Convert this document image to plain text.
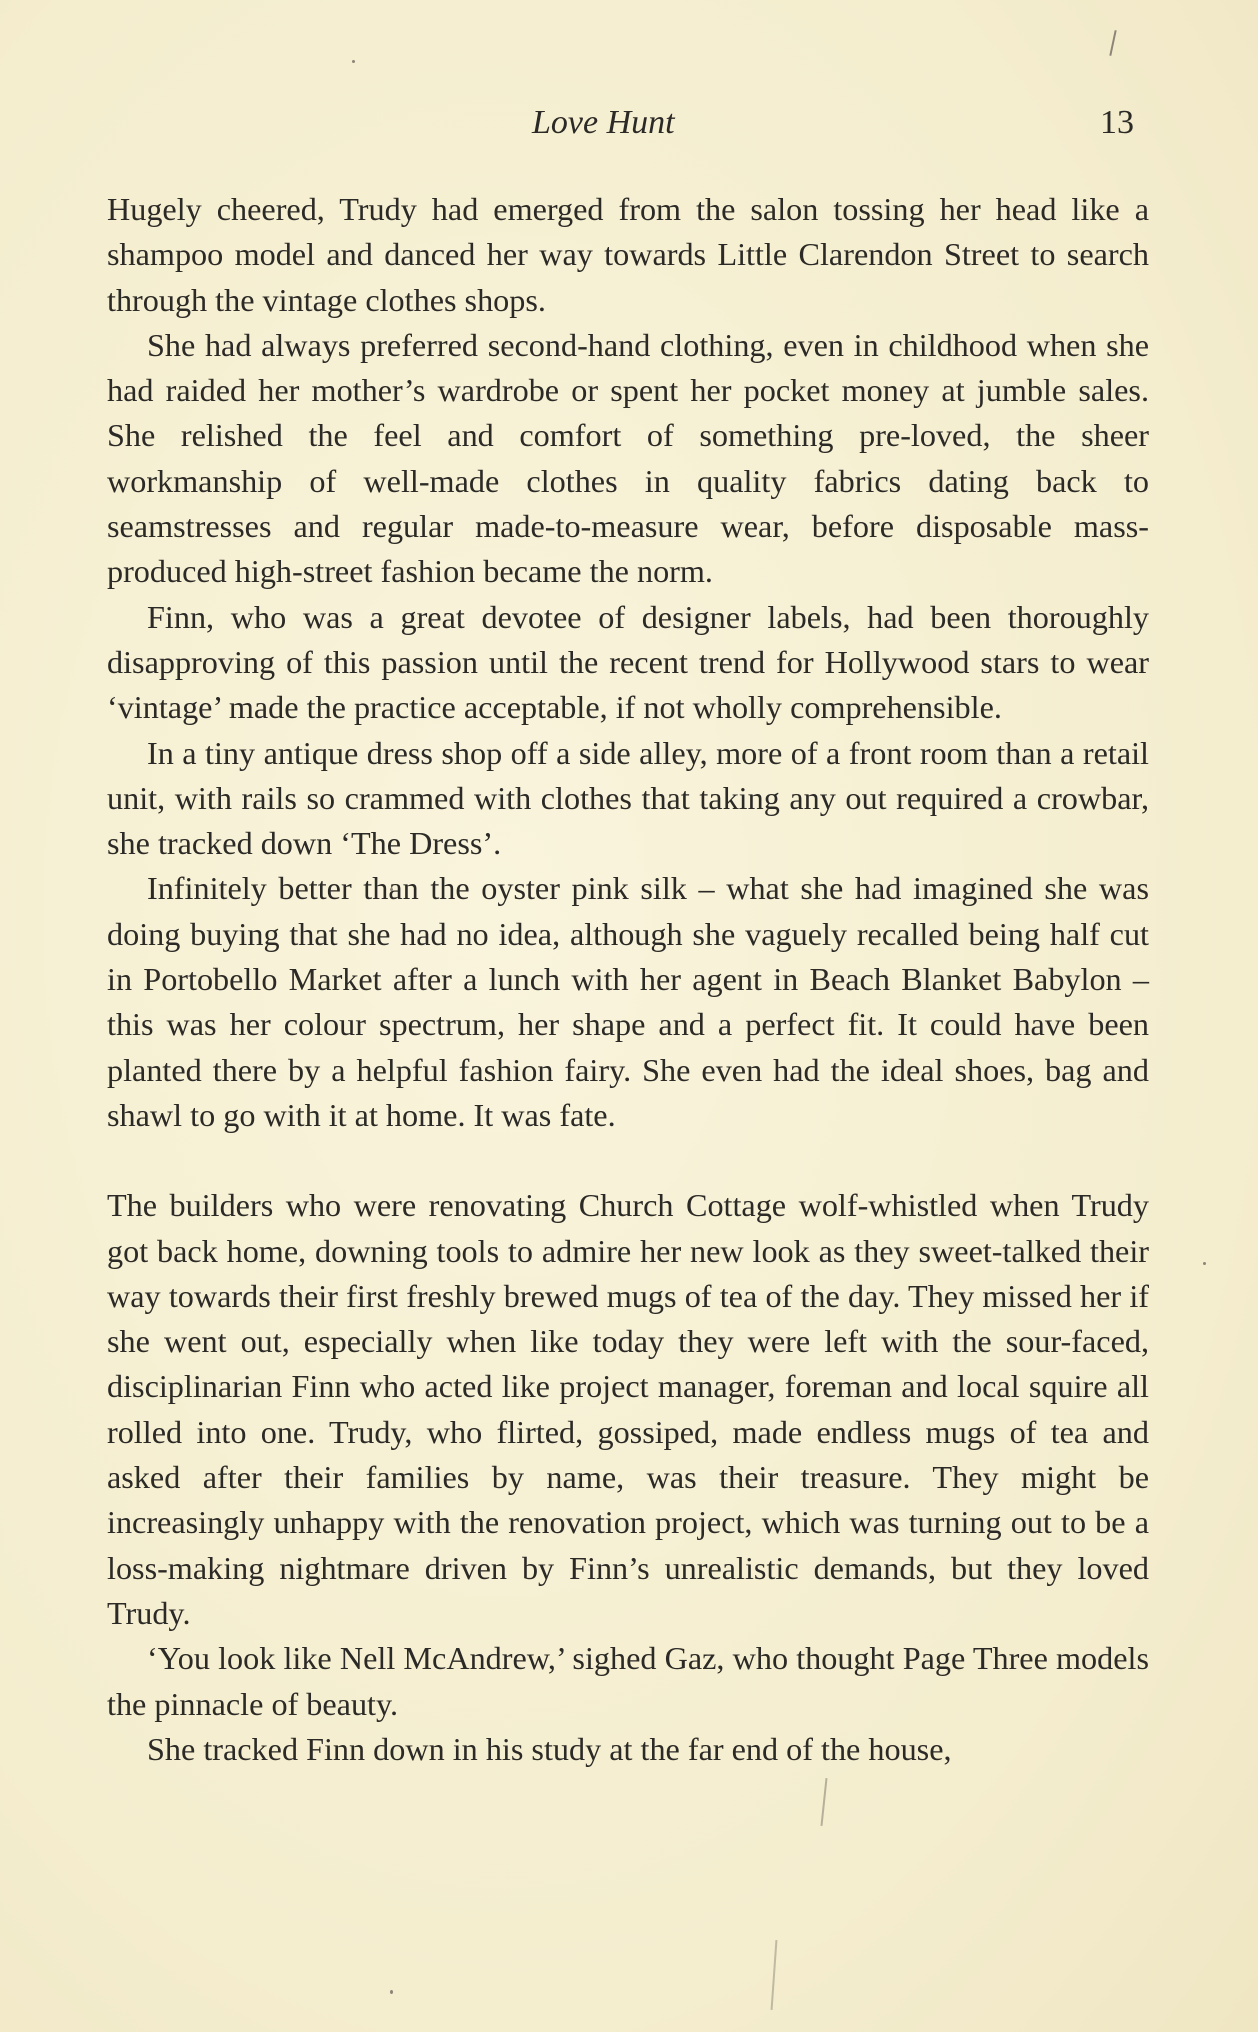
Love Hunt	13

Hugely cheered, Trudy had emerged from the salon tossing her head like a shampoo model and danced her way towards Little Clarendon Street to search through the vintage clothes shops.

She had always preferred second-hand clothing, even in childhood when she had raided her mother’s wardrobe or spent her pocket money at jumble sales. She relished the feel and comfort of something pre-loved, the sheer workmanship of well-made clothes in quality fabrics dating back to seamstresses and regular made-to-measure wear, before disposable mass-produced high-street fashion became the norm.

Finn, who was a great devotee of designer labels, had been thoroughly disapproving of this passion until the recent trend for Hollywood stars to wear ‘vintage’ made the practice acceptable, if not wholly comprehensible.

In a tiny antique dress shop off a side alley, more of a front room than a retail unit, with rails so crammed with clothes that taking any out required a crowbar, she tracked down ‘The Dress’.

Infinitely better than the oyster pink silk – what she had imagined she was doing buying that she had no idea, although she vaguely recalled being half cut in Portobello Market after a lunch with her agent in Beach Blanket Babylon – this was her colour spectrum, her shape and a perfect fit. It could have been planted there by a helpful fashion fairy. She even had the ideal shoes, bag and shawl to go with it at home. It was fate.

The builders who were renovating Church Cottage wolf-whistled when Trudy got back home, downing tools to admire her new look as they sweet-talked their way towards their first freshly brewed mugs of tea of the day. They missed her if she went out, especially when like today they were left with the sour-faced, disciplinarian Finn who acted like project manager, foreman and local squire all rolled into one. Trudy, who flirted, gossiped, made endless mugs of tea and asked after their families by name, was their treasure. They might be increasingly unhappy with the renovation project, which was turning out to be a loss-making nightmare driven by Finn’s unrealistic demands, but they loved Trudy.

‘You look like Nell McAndrew,’ sighed Gaz, who thought Page Three models the pinnacle of beauty.

She tracked Finn down in his study at the far end of the house,
